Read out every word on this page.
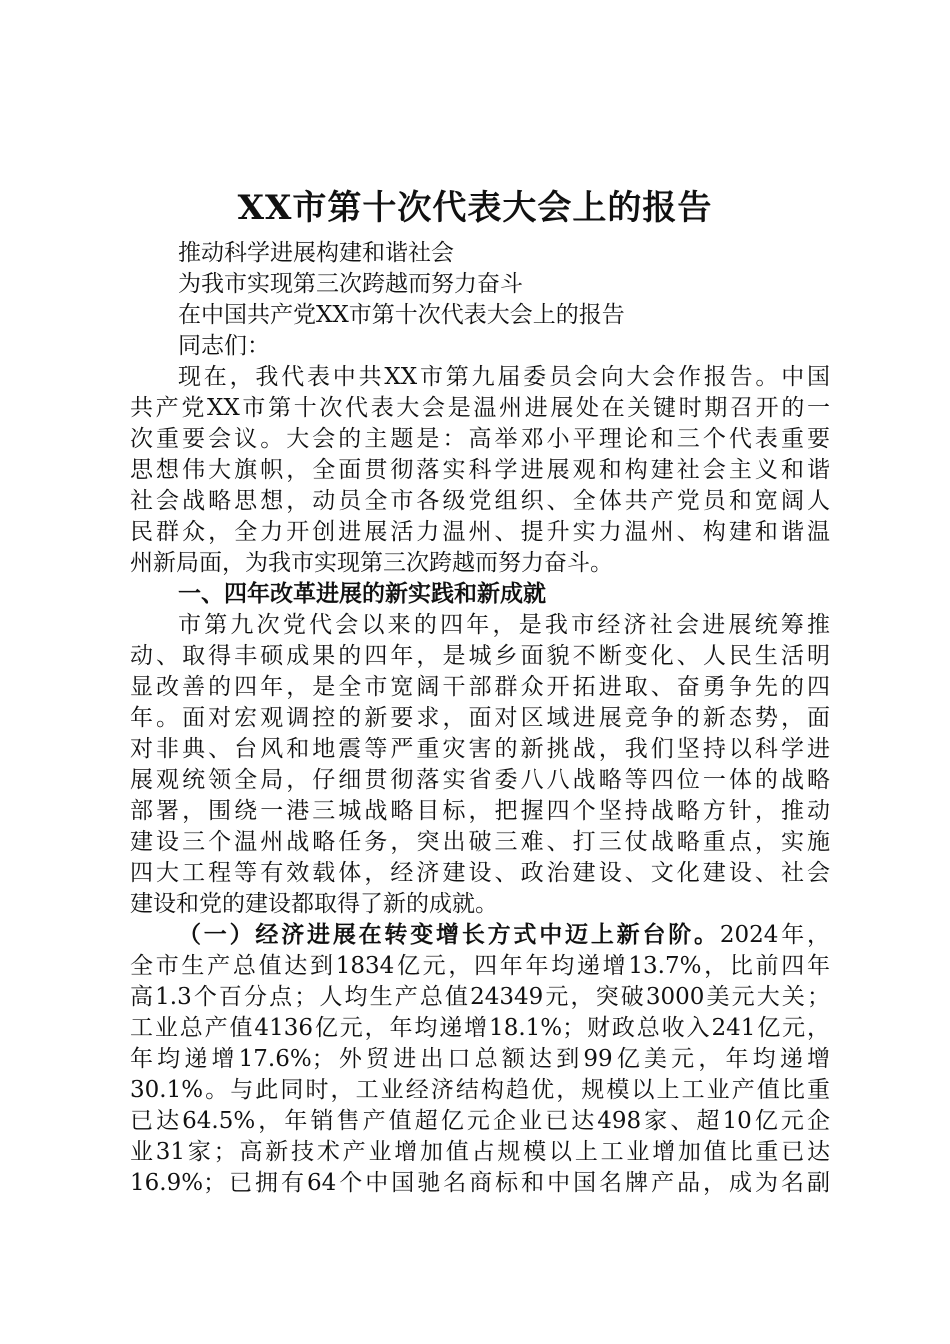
XX市第十次代表大会上的报告
推动科学进展构建和谐社会
为我市实现第三次跨越而努力奋斗
在中国共产党XX市第十次代表大会上的报告
同志们：
现在，我代表中共XX市第九届委员会向大会作报告。中国
共产党XX市第十次代表大会是温州进展处在关键时期召开的一
次重要会议。大会的主题是：高举邓小平理论和三个代表重要
思想伟大旗帜，全面贯彻落实科学进展观和构建社会主义和谐
社会战略思想，动员全市各级党组织、全体共产党员和宽阔人
民群众，全力开创进展活力温州、提升实力温州、构建和谐温
州新局面，为我市实现第三次跨越而努力奋斗。
一、四年改革进展的新实践和新成就
市第九次党代会以来的四年，是我市经济社会进展统筹推
动、取得丰硕成果的四年，是城乡面貌不断变化、人民生活明
显改善的四年，是全市宽阔干部群众开拓进取、奋勇争先的四
年。面对宏观调控的新要求，面对区域进展竞争的新态势，面
对非典、台风和地震等严重灾害的新挑战，我们坚持以科学进
展观统领全局，仔细贯彻落实省委八八战略等四位一体的战略
部署，围绕一港三城战略目标，把握四个坚持战略方针，推动
建设三个温州战略任务，突出破三难、打三仗战略重点，实施
四大工程等有效载体，经济建设、政治建设、文化建设、社会
建设和党的建设都取得了新的成就。
（一）经济进展在转变增长方式中迈上新台阶。2024年，
全市生产总值达到1834亿元，四年年均递增13.7%，比前四年
高1.3个百分点；人均生产总值24349元，突破3000美元大关；
工业总产值4136亿元，年均递增18.1%；财政总收入241亿元，
年均递增17.6%；外贸进出口总额达到99亿美元，年均递增
30.1%。与此同时，工业经济结构趋优，规模以上工业产值比重
已达64.5%，年销售产值超亿元企业已达498家、超10亿元企
业31家；高新技术产业增加值占规模以上工业增加值比重已达
16.9%；已拥有64个中国驰名商标和中国名牌产品，成为名副
